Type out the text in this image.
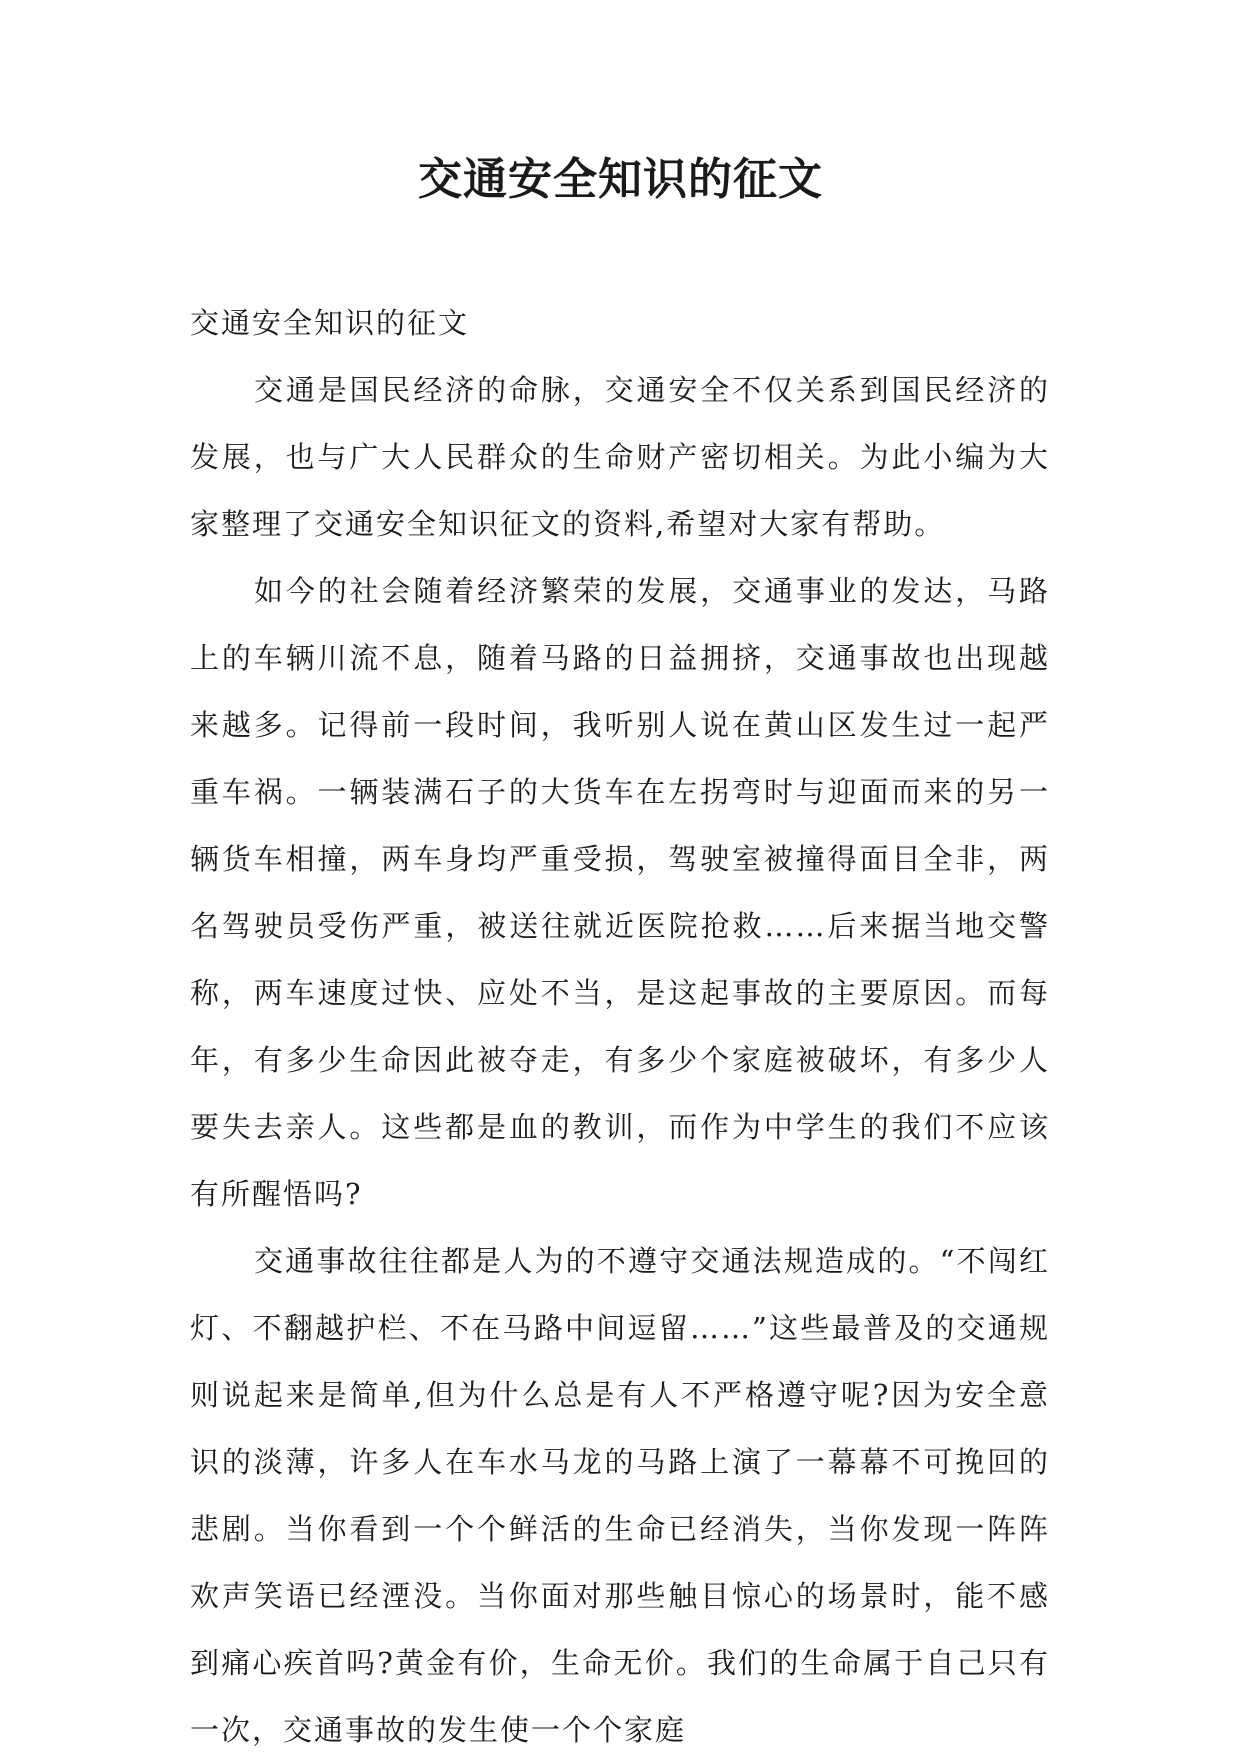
交通安全知识的征文

交通安全知识的征文

交通是国民经济的命脉，交通安全不仅关系到国民经济的发展，也与广大人民群众的生命财产密切相关。为此小编为大家整理了交通安全知识征文的资料,希望对大家有帮助。

如今的社会随着经济繁荣的发展，交通事业的发达，马路上的车辆川流不息，随着马路的日益拥挤，交通事故也出现越来越多。记得前一段时间，我听别人说在黄山区发生过一起严重车祸。一辆装满石子的大货车在左拐弯时与迎面而来的另一辆货车相撞，两车身均严重受损，驾驶室被撞得面目全非，两名驾驶员受伤严重，被送往就近医院抢救……后来据当地交警称，两车速度过快、应处不当，是这起事故的主要原因。而每年，有多少生命因此被夺走，有多少个家庭被破坏，有多少人要失去亲人。这些都是血的教训，而作为中学生的我们不应该有所醒悟吗?

交通事故往往都是人为的不遵守交通法规造成的。“不闯红灯、不翻越护栏、不在马路中间逗留……”这些最普及的交通规则说起来是简单,但为什么总是有人不严格遵守呢?因为安全意识的淡薄，许多人在车水马龙的马路上演了一幕幕不可挽回的悲剧。当你看到一个个鲜活的生命已经消失，当你发现一阵阵欢声笑语已经湮没。当你面对那些触目惊心的场景时，能不感到痛心疾首吗?黄金有价，生命无价。我们的生命属于自己只有一次，交通事故的发生使一个个家庭
